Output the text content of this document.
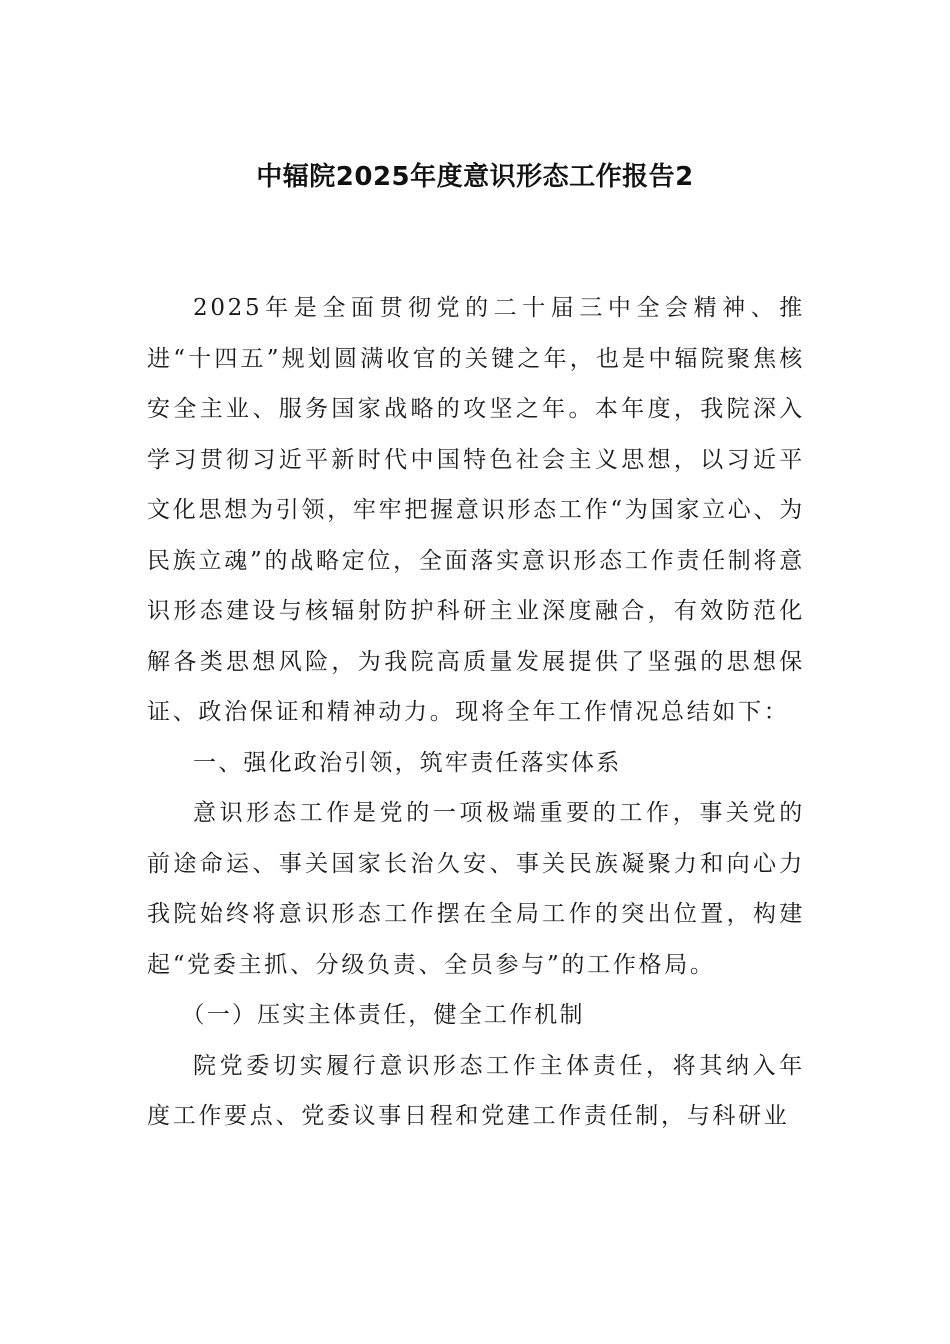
中辐院2025年度意识形态工作报告2

2025年是全面贯彻党的二十届三中全会精神、推进“十四五”规划圆满收官的关键之年，也是中辐院聚焦核安全主业、服务国家战略的攻坚之年。本年度，我院深入学习贯彻习近平新时代中国特色社会主义思想，以习近平文化思想为引领，牢牢把握意识形态工作“为国家立心、为民族立魂”的战略定位，全面落实意识形态工作责任制将意识形态建设与核辐射防护科研主业深度融合，有效防范化解各类思想风险，为我院高质量发展提供了坚强的思想保证、政治保证和精神动力。现将全年工作情况总结如下：

一、强化政治引领，筑牢责任落实体系

意识形态工作是党的一项极端重要的工作，事关党的前途命运、事关国家长治久安、事关民族凝聚力和向心力我院始终将意识形态工作摆在全局工作的突出位置，构建起“党委主抓、分级负责、全员参与”的工作格局。

（一）压实主体责任，健全工作机制

院党委切实履行意识形态工作主体责任，将其纳入年度工作要点、党委议事日程和党建工作责任制，与科研业
